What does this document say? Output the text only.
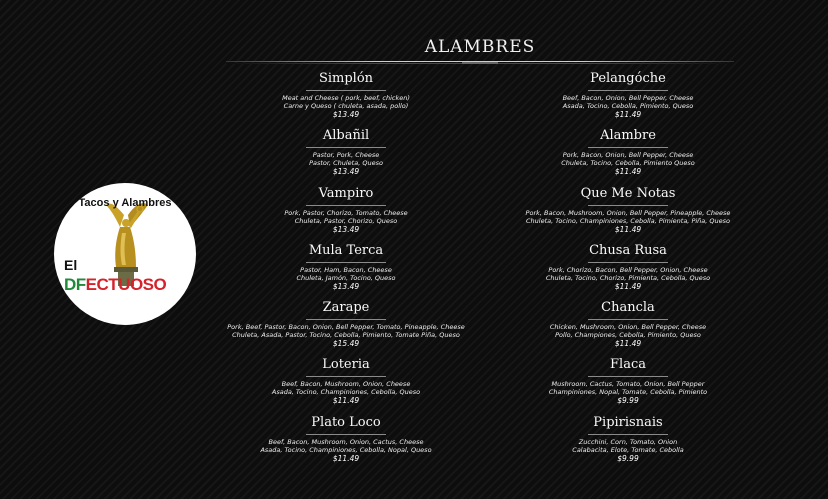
Tacos y Alambres
El
DFECTUOSO
ALAMBRES
Simplón
Meat and Cheese ( pork, beef, chicken)
Carne y Queso ( chuleta, asada, pollo)
$13.49
Albañil
Pastor, Pork, Cheese
Pastor, Chuleta, Queso
$13.49
Vampiro
Pork, Pastor, Chorizo, Tomato, Cheese
Chuleta, Pastor, Chorizo, Queso
$13.49
Mula Terca
Pastor, Ham, Bacon, Cheese
Chuleta, Jamón, Tocino, Queso
$13.49
Zarape
Pork, Beef, Pastor, Bacon, Onion, Bell Pepper, Tomato, Pineapple, Cheese
Chuleta, Asada, Pastor, Tocino, Cebolla, Pimiento, Tomate Piña, Queso
$15.49
Loteria
Beef, Bacon, Mushroom, Onion, Cheese
Asada, Tocino, Champiniones, Cebolla, Queso
$11.49
Plato Loco
Beef, Bacon, Mushroom, Onion, Cactus, Cheese
Asada, Tocino, Champiniones, Cebolla, Nopal, Queso
$11.49
Pelangóche
Beef, Bacon, Onion, Bell Pepper, Cheese
Asada, Tocino, Cebolla, Pimiento, Queso
$11.49
Alambre
Pork, Bacon, Onion, Bell Pepper, Cheese
Chuleta, Tocino, Cebolla, Pimiento Queso
$11.49
Que Me Notas
Pork, Bacon, Mushroom, Onion, Bell Pepper, Pineapple, Cheese
Chuleta, Tocino, Champiniones, Cebolla, Pimienta, Piña, Queso
$11.49
Chusa Rusa
Pork, Chorizo, Bacon, Bell Pepper, Onion, Cheese
Chuleta, Tocino, Chorizo, Pimienta, Cebolla, Queso
$11.49
Chancla
Chicken, Mushroom, Onion, Bell Pepper, Cheese
Pollo, Championes, Cebolla, Pimiento, Queso
$11.49
Flaca
Mushroom, Cactus, Tomato, Onion, Bell Pepper
Champiniones, Nopal, Tomate, Cebolla, Pimiento
$9.99
Pipirisnais
Zucchini, Corn, Tomato, Onion
Calabacita, Elote, Tomate, Cebolla
$9.99
